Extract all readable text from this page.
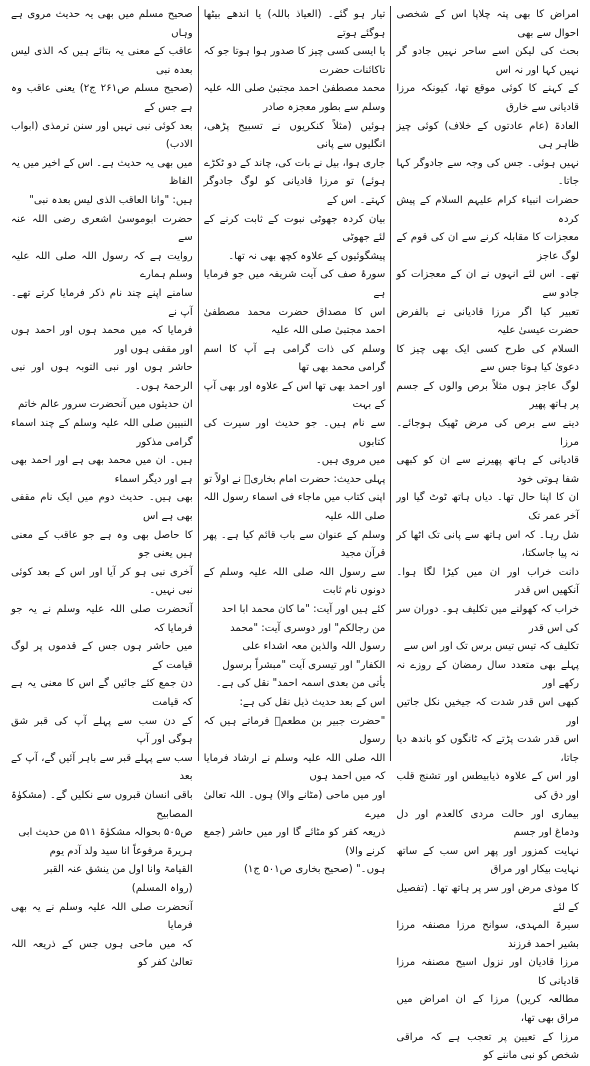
امراض کا بھی پتہ چلاپا اس کے شخصی احوال سے بھی

بحث کی لیکن اسے ساحر نہیں جادو گر نہیں کہا اور نہ اس

کے کہنے کا کوئی موقع تھا، کیونکہ مرزا قادیانی سے خارق

العادۃ (عام عادتوں کے خلاف) کوئی چیز ظاہر ہی

نہیں ہوئی۔ جس کی وجہ سے جادوگر کہا جاتا۔

حضرات انبیاء کرام علیہم السلام کے پیش کردہ

معجزات کا مقابلہ کرنے سے ان کی قوم کے لوگ عاجز

تھے۔ اس لئے انہوں نے ان کے معجزات کو جادو سے

تعبیر کیا اگر مرزا قادیانی نے بالفرض حضرت عیسیٰ علیہ

السلام کی طرح کسی ایک بھی چیز کا دعویٰ کیا ہوتا جس سے

لوگ عاجز ہوں مثلاً برص والوں کے جسم پر ہاتھ پھیر

دینے سے برص کی مرض ٹھیک ہوجائے۔ مرزا

قادیانی کے ہاتھ پھیرنے سے ان کو کبھی شفا ہوتی خود

ان کا اپنا حال تھا۔ دیاں ہاتھ ٹوٹ گیا اور آخر عمر تک

شل رہا۔ کہ اس ہاتھ سے پانی تک اٹھا کر نہ پیا جاسکتا،

دانت خراب اور ان میں کیڑا لگا ہوا۔ آنکھیں اس قدر

خراب کہ کھولنے میں تکلیف ہو۔ دوران سر کی اس قدر

تکلیف کہ تیس تیس برس تک اور اس سے

پہلے بھی متعدد سال رمضان کے روزے نہ رکھے اور

کبھی اس قدر شدت کہ جیخیں نکل جاتیں اور

اس قدر شدت پڑتے کہ ٹانگوں کو باندھ دیا جاتا،

اور اس کے علاوہ ذیابیطس اور تشنج قلب اور دق کی

بیماری اور حالت مردی کالعدم اور دل ودماغ اور جسم

نہایت کمزور اور پھر اس سب کے ساتھ نہایت بیکار اور مراق

کا موذی مرض اور سر پر ہاتھ تھا۔ (تفصیل کے لئے

سیرۃ المہدی، سوانح مرزا مصنفہ مرزا بشیر احمد فرزند

مرزا قادیان اور نزول اسیح مصنفہ مرزا قادیانی کا

مطالعہ کریں) مرزا کے ان امراض میں مراق بھی تھا،

مرزا کے تعیین پر تعجب ہے کہ مراقی شخص کو نبی ماننے کو

تیار ہو گئے۔ (العیاذ باللہ) یا اندھے بیٹھا ہوگئے ہوتے

یا ایسی کسی چیز کا صدور ہوا ہوتا جو کہ تاکائنات حضرت

محمد مصطفیٰ احمد مجتبیٰ صلی اللہ علیہ وسلم سے بطور معجزہ صادر

ہوئیں (مثلاً کنکریوں نے تسبیح پڑھی، انگلیوں سے پانی

جاری ہوا، بیل نے بات کی، چاند کے دو ٹکڑے

ہوئے) تو مرزا قادیانی کو لوگ جادوگر کہتے۔ اس کے

بیان کردہ جھوٹی نبوت کے ثابت کرنے کے لئے جھوٹی

پیشگوئیوں کے علاوہ کچھ بھی نہ تھا۔

سورۂ صف کی آیت شریفہ میں جو فرمایا ہے

اس کا مصداق حضرت محمد مصطفیٰ احمد مجتبیٰ صلی اللہ علیہ

وسلم کی ذات گرامی ہے آپ کا اسم گرامی محمد بھی تھا

اور احمد بھی تھا اس کے علاوہ اور بھی آپ کے بہت

سے نام ہیں۔ جو حدیث اور سیرت کی کتابوں

میں مروی ہیں۔

پہلی حدیث: حضرت امام بخاریؒ نے اولاً تو

اپنی کتاب میں ماجاء فی اسماء رسول اللہ صلی اللہ علیہ

وسلم کے عنوان سے باب قائم کیا ہے۔ پھر قرآن مجید

سے رسول اللہ صلی اللہ علیہ وسلم کے دونوں نام ثابت

کئے ہیں اور آیت: "ما کان محمد ابا احد

من رجالکم" اور دوسری آیت: "محمد

رسول اللہ والذین معہ اشداء علی

الکفار" اور تیسری آیت "مبشراً برسول

یأتی من بعدی اسمہ احمد" نقل کی ہے۔

اس کے بعد حدیث ذیل نقل کی ہے:

"حضرت جبیر بن مطعمؓ فرماتے ہیں کہ رسول

اللہ صلی اللہ علیہ وسلم نے ارشاد فرمایا کہ میں احمد ہوں

اور میں ماحی (مٹانے والا) ہوں۔ اللہ تعالیٰ میرے

ذریعہ کفر کو مٹائے گا اور میں حاشر (جمع کرنے والا)

ہوں۔" (صحیح بخاری ص۵۰۱ ج۱)

صحیح مسلم میں بھی یہ حدیث مروی ہے وہاں

عاقب کے معنی یہ بتائے ہیں کہ الذی لیس بعدہ نبی

(صحیح مسلم ص۲۶۱ ج۲) یعنی عاقب وہ ہے جس کے

بعد کوئی نبی نہیں اور سنن ترمذی (ابواب الادب)

میں بھی یہ حدیث ہے۔ اس کے اخیر میں یہ الفاظ

ہیں: "وانا العاقب الذی لیس بعدہ نبی"

حضرت ابوموسیٰ اشعری رضی اللہ عنہ سے

روایت ہے کہ رسول اللہ صلی اللہ علیہ وسلم ہمارے

سامنے اپنے چند نام ذکر فرمایا کرتے تھے۔ آپ نے

فرمایا کہ میں محمد ہوں اور احمد ہوں اور مقفی ہوں اور

حاشر ہوں اور نبی التوبہ ہوں اور نبی الرحمۃ ہوں۔

ان حدیثوں میں آنحضرت سرور عالم خاتم

النبیین صلی اللہ علیہ وسلم کے چند اسماء گرامی مذکور

ہیں۔ ان میں محمد بھی ہے اور احمد بھی ہے اور دیگر اسماء

بھی ہیں۔ حدیث دوم میں ایک نام مقفی بھی ہے اس

کا حاصل بھی وہ ہے جو عاقب کے معنی ہیں یعنی جو

آخری نبی ہو کر آیا اور اس کے بعد کوئی نبی نہیں۔

آنحضرت صلی اللہ علیہ وسلم نے یہ جو فرمایا کہ

میں حاشر ہوں جس کے قدموں پر لوگ قیامت کے

دن جمع کئے جائیں گے اس کا معنی یہ ہے کہ قیامت

کے دن سب سے پہلے آپ کی قبر شق ہوگی اور آپ

سب سے پہلے قبر سے باہر آئیں گے، آپ کے بعد

باقی انسان قبروں سے نکلیں گے۔ (مشکوٰۃ المصابیح

ص۵۰۵ بحوالہ مشکوٰۃ ۵۱۱ من حدیث ابی

ہریرۃ مرفوعاً انا سید ولد آدم یوم

القیامۃ وانا اول من ینشق عنہ القبر

(رواہ المسلم)

آنحضرت صلی اللہ علیہ وسلم نے یہ بھی فرمایا

کہ میں ماحی ہوں جس کے ذریعہ اللہ تعالیٰ کفر کو
